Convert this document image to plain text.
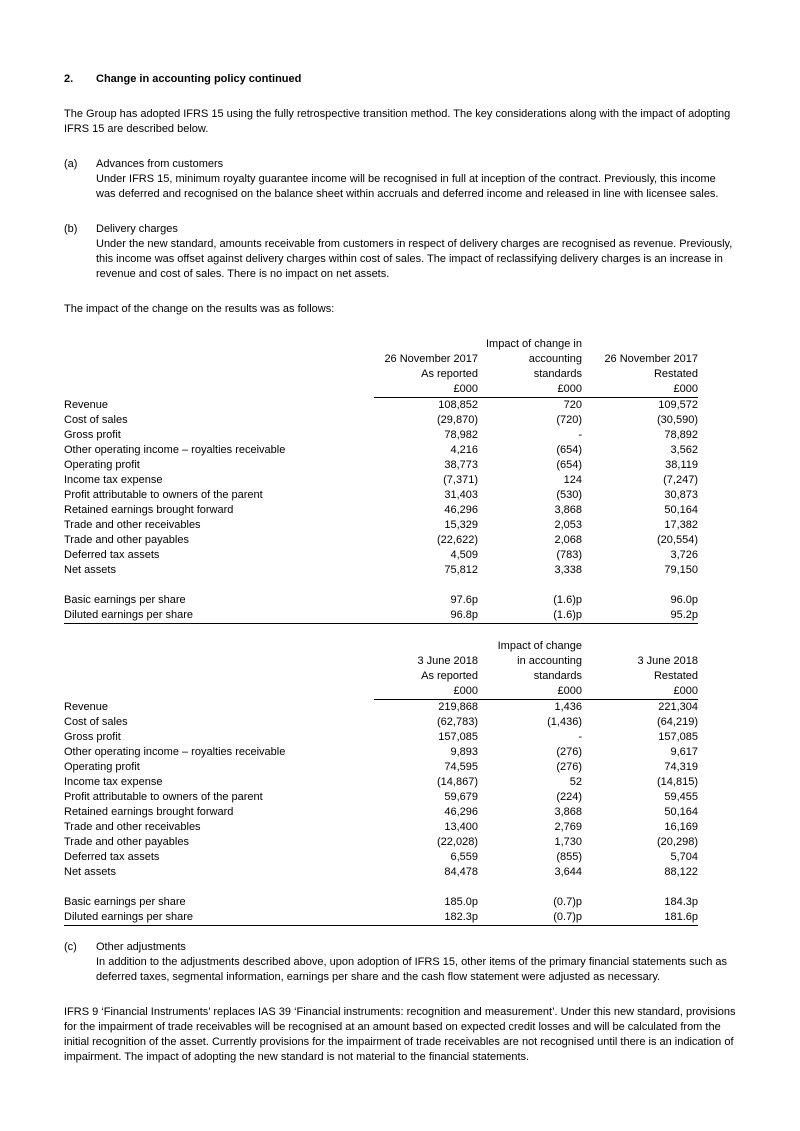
2. Change in accounting policy continued

The Group has adopted IFRS 15 using the fully retrospective transition method. The key considerations along with the impact of adopting IFRS 15 are described below.

(a)	Advances from customers

Under IFRS 15, minimum royalty guarantee income will be recognised in full at inception of the contract. Previously, this income was deferred and recognised on the balance sheet within accruals and deferred income and released in line with licensee sales.

(b)	Delivery charges

Under the new standard, amounts receivable from customers in respect of delivery charges are recognised as revenue. Previously, this income was offset against delivery charges within cost of sales. The impact of reclassifying delivery charges is an increase in revenue and cost of sales. There is no impact on net assets.

The impact of the change on the results was as follows:

		Impact of change in	
	26 November 2017	accounting	26 November 2017
	As reported	standards	Restated
	£000	£000	£000
Revenue	108,852	720	109,572
Cost of sales	(29,870)	(720)	(30,590)
Gross profit	78,982	-	78,892
Other operating income – royalties receivable	4,216	(654)	3,562
Operating profit	38,773	(654)	38,119
Income tax expense	(7,371)	124	(7,247)
Profit attributable to owners of the parent	31,403	(530)	30,873
Retained earnings brought forward	46,296	3,868	50,164
Trade and other receivables	15,329	2,053	17,382
Trade and other payables	(22,622)	2,068	(20,554)
Deferred tax assets	4,509	(783)	3,726
Net assets	75,812	3,338	79,150

Basic earnings per share	97.6p	(1.6)p	96.0p
Diluted earnings per share	96.8p	(1.6)p	95.2p
		Impact of change	
	3 June 2018	in accounting	3 June 2018
	As reported	standards	Restated
	£000	£000	£000
Revenue	219,868	1,436	221,304
Cost of sales	(62,783)	(1,436)	(64,219)
Gross profit	157,085	-	157,085
Other operating income – royalties receivable	9,893	(276)	9,617
Operating profit	74,595	(276)	74,319
Income tax expense	(14,867)	52	(14,815)
Profit attributable to owners of the parent	59,679	(224)	59,455
Retained earnings brought forward	46,296	3,868	50,164
Trade and other receivables	13,400	2,769	16,169
Trade and other payables	(22,028)	1,730	(20,298)
Deferred tax assets	6,559	(855)	5,704
Net assets	84,478	3,644	88,122

Basic earnings per share	185.0p	(0.7)p	184.3p
Diluted earnings per share	182.3p	(0.7)p	181.6p
(c)	Other adjustments

In addition to the adjustments described above, upon adoption of IFRS 15, other items of the primary financial statements such as deferred taxes, segmental information, earnings per share and the cash flow statement were adjusted as necessary.

IFRS 9 ‘Financial Instruments’ replaces IAS 39 ‘Financial instruments: recognition and measurement’. Under this new standard, provisions for the impairment of trade receivables will be recognised at an amount based on expected credit losses and will be calculated from the initial recognition of the asset. Currently provisions for the impairment of trade receivables are not recognised until there is an indication of impairment. The impact of adopting the new standard is not material to the financial statements.
